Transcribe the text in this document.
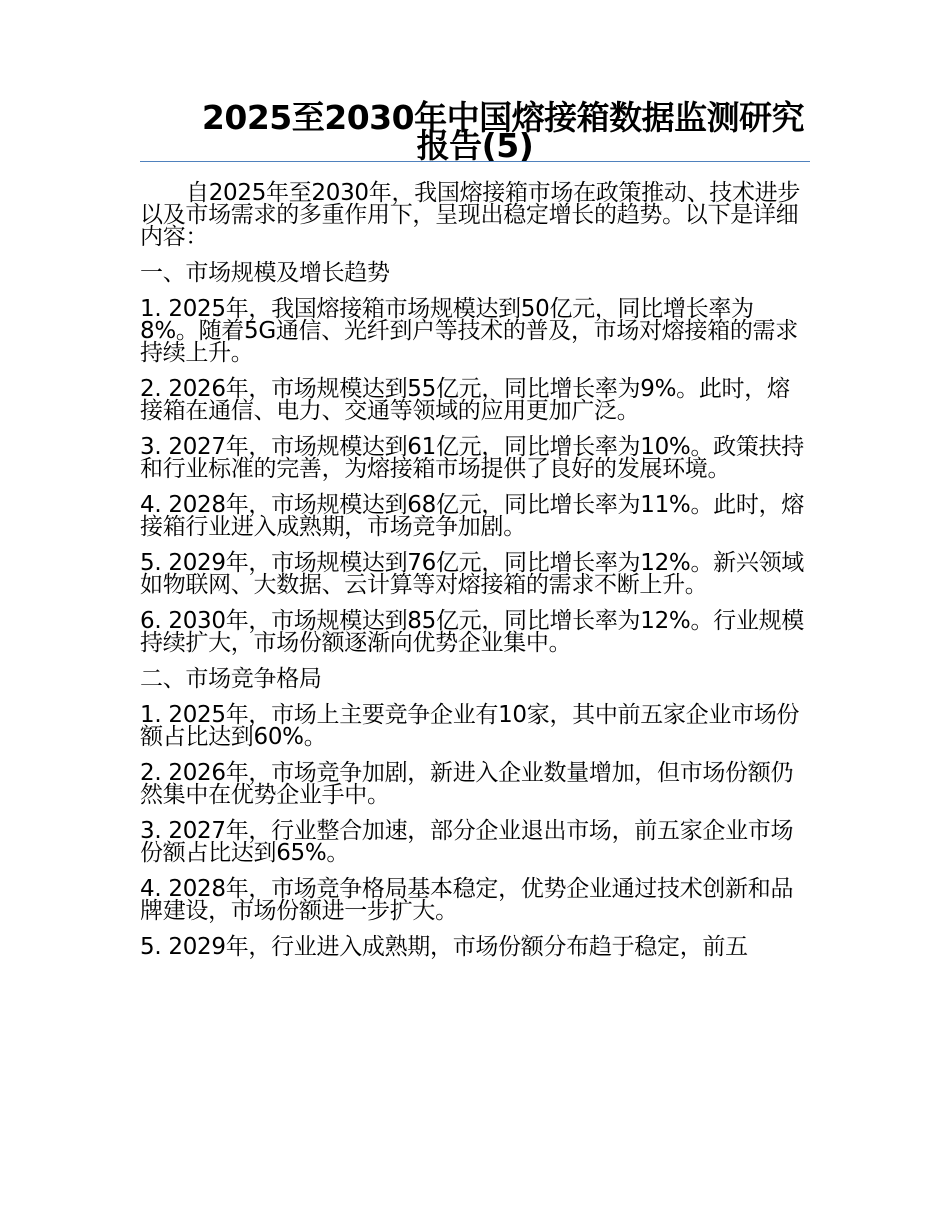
2025至2030年中国熔接箱数据监测研究报告(5)

自2025年至2030年，我国熔接箱市场在政策推动、技术进步以及市场需求的多重作用下，呈现出稳定增长的趋势。以下是详细内容：

一、市场规模及增长趋势

1. 2025年，我国熔接箱市场规模达到50亿元，同比增长率为8%。随着5G通信、光纤到户等技术的普及，市场对熔接箱的需求持续上升。

2. 2026年，市场规模达到55亿元，同比增长率为9%。此时，熔接箱在通信、电力、交通等领域的应用更加广泛。

3. 2027年，市场规模达到61亿元，同比增长率为10%。政策扶持和行业标准的完善，为熔接箱市场提供了良好的发展环境。

4. 2028年，市场规模达到68亿元，同比增长率为11%。此时，熔接箱行业进入成熟期，市场竞争加剧。

5. 2029年，市场规模达到76亿元，同比增长率为12%。新兴领域如物联网、大数据、云计算等对熔接箱的需求不断上升。

6. 2030年，市场规模达到85亿元，同比增长率为12%。行业规模持续扩大，市场份额逐渐向优势企业集中。

二、市场竞争格局

1. 2025年，市场上主要竞争企业有10家，其中前五家企业市场份额占比达到60%。

2. 2026年，市场竞争加剧，新进入企业数量增加，但市场份额仍然集中在优势企业手中。

3. 2027年，行业整合加速，部分企业退出市场，前五家企业市场份额占比达到65%。

4. 2028年，市场竞争格局基本稳定，优势企业通过技术创新和品牌建设，市场份额进一步扩大。

5. 2029年，行业进入成熟期，市场份额分布趋于稳定，前五
